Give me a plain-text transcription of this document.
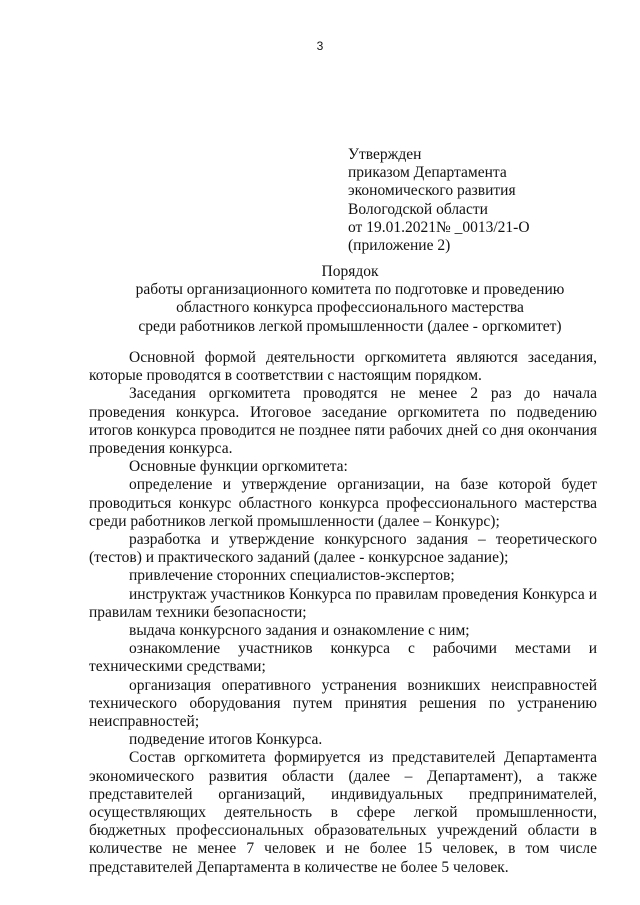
3
Утвержден
приказом Департамента
экономического развития
Вологодской области
от 19.01.2021№ _0013/21-О
(приложение 2)
Порядок
работы организационного комитета по подготовке и проведению
областного конкурса профессионального мастерства
среди работников легкой промышленности (далее - оргкомитет)

Основной формой деятельности оргкомитета являются заседания, которые проводятся в соответствии с настоящим порядком.

Заседания оргкомитета проводятся не менее 2 раз до начала проведения конкурса. Итоговое заседание оргкомитета по подведению итогов конкурса проводится не позднее пяти рабочих дней со дня окончания проведения конкурса.

Основные функции оргкомитета:

определение и утверждение организации, на базе которой будет проводиться конкурс областного конкурса профессионального мастерства среди работников легкой промышленности (далее – Конкурс);

разработка и утверждение конкурсного задания – теоретического (тестов) и практического заданий (далее - конкурсное задание);

привлечение сторонних специалистов-экспертов;

инструктаж участников Конкурса по правилам проведения Конкурса и правилам техники безопасности;

выдача конкурсного задания и ознакомление с ним;

ознакомление участников конкурса с рабочими местами и техническими средствами;

организация оперативного устранения возникших неисправностей технического оборудования путем принятия решения по устранению неисправностей;

подведение итогов Конкурса.

Состав оргкомитета формируется из представителей Департамента экономического развития области (далее – Департамент), а также представителей организаций, индивидуальных предпринимателей, осуществляющих деятельность в сфере легкой промышленности, бюджетных профессиональных образовательных учреждений области в количестве не менее 7 человек и не более 15 человек, в том числе представителей Департамента в количестве не более 5 человек.
